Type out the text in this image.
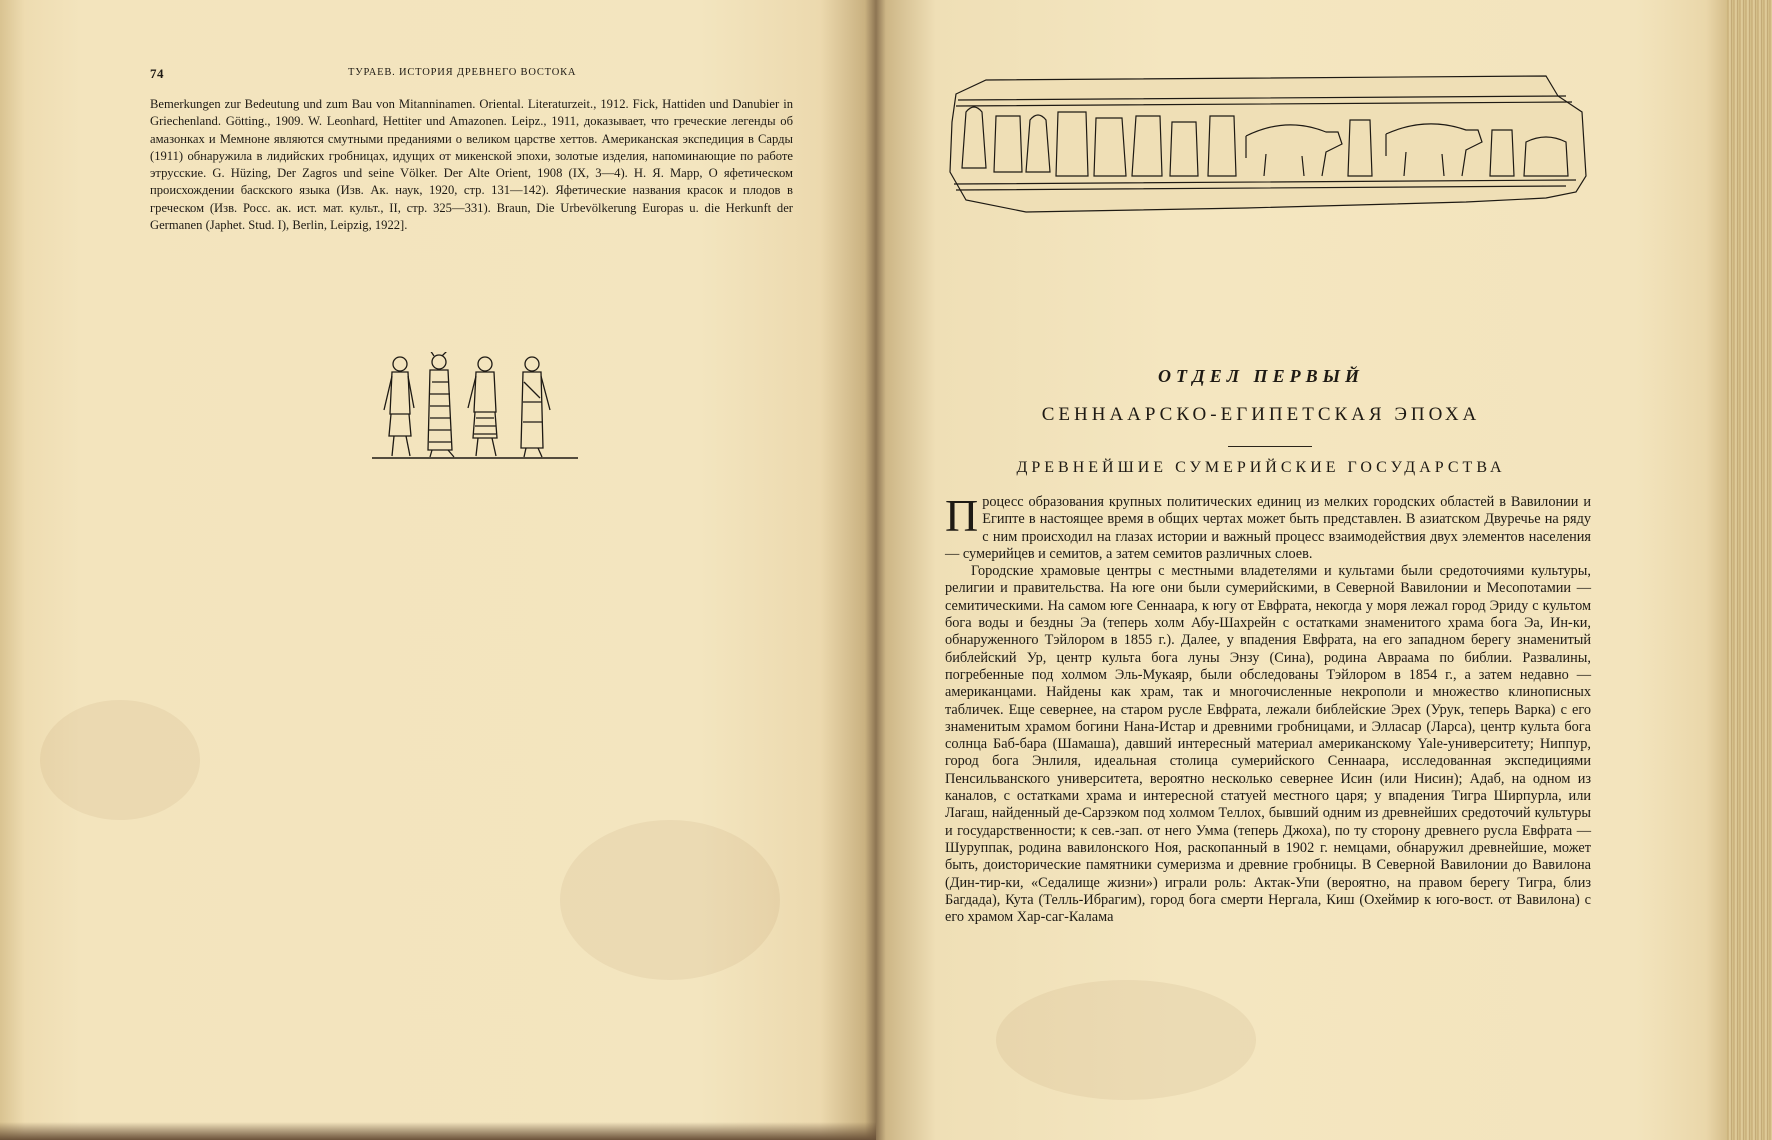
74	ТУРАЕВ. ИСТОРИЯ ДРЕВНЕГО ВОСТОКА

Bemerkungen zur Bedeutung und zum Bau von Mitanninamen. Oriental. Literaturzeit., 1912. Fick, Hattiden und Danubier in Griechenland. Götting., 1909. W. Leonhard, Hettiter und Amazonen. Leipz., 1911, доказывает, что греческие легенды об амазонках и Мемноне являются смутными преданиями о великом царстве хеттов. Американская экспедиция в Сарды (1911) обнаружила в лидийских гробницах, идущих от микенской эпохи, золотые изделия, напоминающие по работе этрусские. G. Hüzing, Der Zagros und seine Völker. Der Alte Orient, 1908 (IX, 3—4). Н. Я. Марр, О яфетическом происхождении баскского языка (Изв. Ак. наук, 1920, стр. 131—142). Яфетические названия красок и плодов в греческом (Изв. Росс. ак. ист. мат. культ., II, стр. 325—331). Braun, Die Urbevölkerung Europas u. die Herkunft der Germanen (Japhet. Stud. I), Berlin, Leipzig, 1922].

ОТДЕЛ ПЕРВЫЙ
СЕННААРСКО-ЕГИПЕТСКАЯ ЭПОХА
ДРЕВНЕЙШИЕ СУМЕРИЙСКИЕ ГОСУДАРСТВА

Процесс образования крупных политических единиц из мелких городских областей в Вавилонии и Египте в настоящее время в общих чертах может быть представлен. В азиатском Двуречье на ряду с ним происходил на глазах истории и важный процесс взаимодействия двух элементов населения — сумерийцев и семитов, а затем семитов различных слоев.

Городские храмовые центры с местными владетелями и культами были средоточиями культуры, религии и правительства. На юге они были сумерийскими, в Северной Вавилонии и Месопотамии — семитическими. На самом юге Сеннаара, к югу от Евфрата, некогда у моря лежал город Эриду с культом бога воды и бездны Эа (теперь холм Абу-Шахрейн с остатками знаменитого храма бога Эа, Ин-ки, обнаруженного Тэйлором в 1855 г.). Далее, у впадения Евфрата, на его западном берегу знаменитый библейский Ур, центр культа бога луны Энзу (Сина), родина Авраама по библии. Развалины, погребенные под холмом Эль-Мукаяр, были обследованы Тэйлором в 1854 г., а затем недавно — американцами. Найдены как храм, так и многочисленные некрополи и множество клинописных табличек. Еще севернее, на старом русле Евфрата, лежали библейские Эрех (Урук, теперь Варка) с его знаменитым храмом богини Нана-Истар и древними гробницами, и Элласар (Ларса), центр культа бога солнца Баб-бара (Шамаша), давший интересный материал американскому Yale-университету; Ниппур, город бога Энлиля, идеальная столица сумерийского Сеннаара, исследованная экспедициями Пенсильванского университета, вероятно несколько севернее Исин (или Нисин); Адаб, на одном из каналов, с остатками храма и интересной статуей местного царя; у впадения Тигра Ширпурла, или Лагаш, найденный де-Сарзэком под холмом Теллох, бывший одним из древнейших средоточий культуры и государственности; к сев.-зап. от него Умма (теперь Джоха), по ту сторону древнего русла Евфрата — Шуруппак, родина вавилонского Ноя, раскопанный в 1902 г. немцами, обнаружил древнейшие, может быть, доисторические памятники сумеризма и древние гробницы. В Северной Вавилонии до Вавилона (Дин-тир-ки, «Седалище жизни») играли роль: Актак-Упи (вероятно, на правом берегу Тигра, близ Багдада), Кута (Телль-Ибрагим), город бога смерти Нергала, Киш (Охеймир к юго-вост. от Вавилона) с его храмом Хар-саг-Калама
